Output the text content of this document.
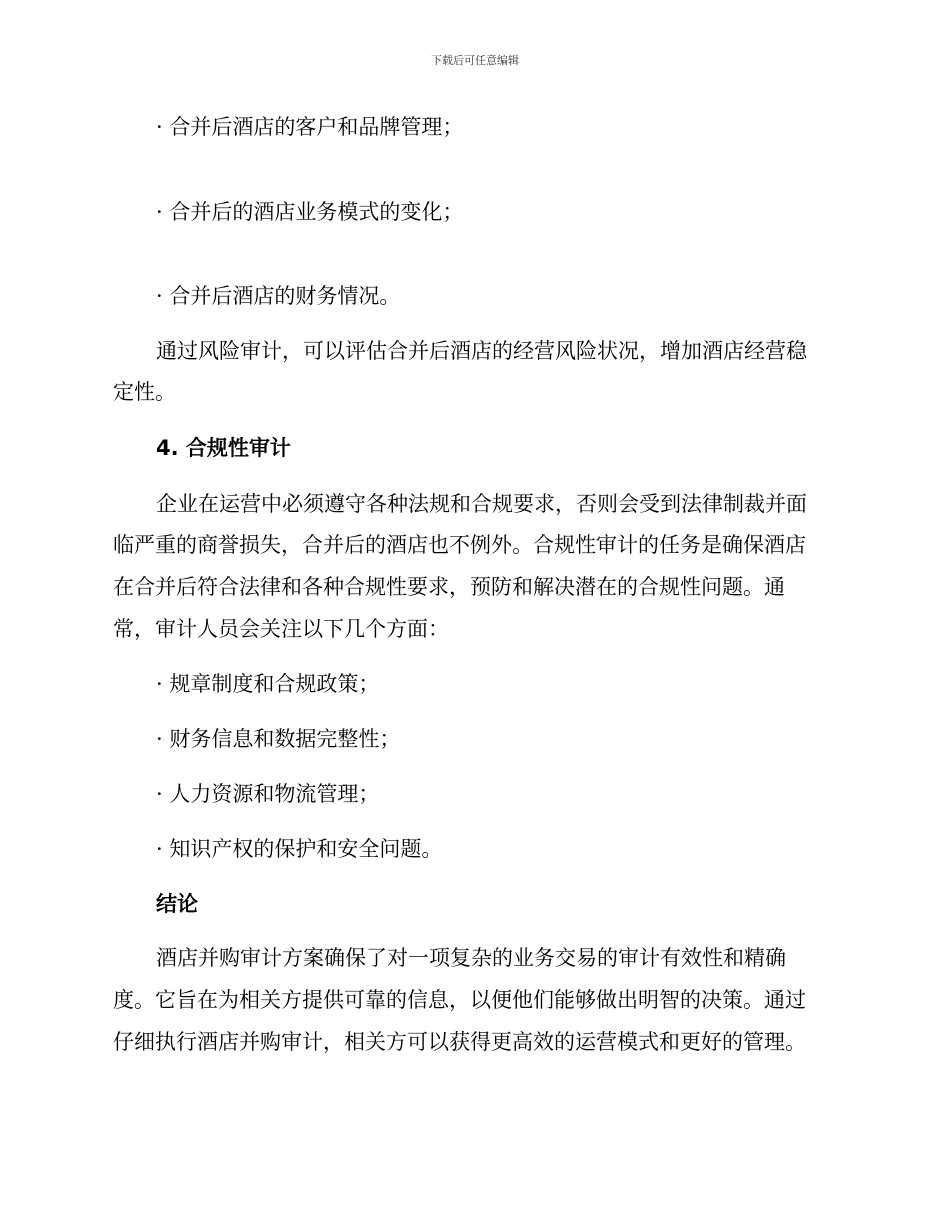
下载后可任意编辑
· 合并后酒店的客户和品牌管理；
· 合并后的酒店业务模式的变化；
· 合并后酒店的财务情况。
通过风险审计，可以评估合并后酒店的经营风险状况，增加酒店经营稳
定性。
4. 合规性审计
企业在运营中必须遵守各种法规和合规要求，否则会受到法律制裁并面
临严重的商誉损失，合并后的酒店也不例外。合规性审计的任务是确保酒店
在合并后符合法律和各种合规性要求，预防和解决潜在的合规性问题。通
常，审计人员会关注以下几个方面：
· 规章制度和合规政策；
· 财务信息和数据完整性；
· 人力资源和物流管理；
· 知识产权的保护和安全问题。
结论
酒店并购审计方案确保了对一项复杂的业务交易的审计有效性和精确
度。它旨在为相关方提供可靠的信息，以便他们能够做出明智的决策。通过
仔细执行酒店并购审计，相关方可以获得更高效的运营模式和更好的管理。
